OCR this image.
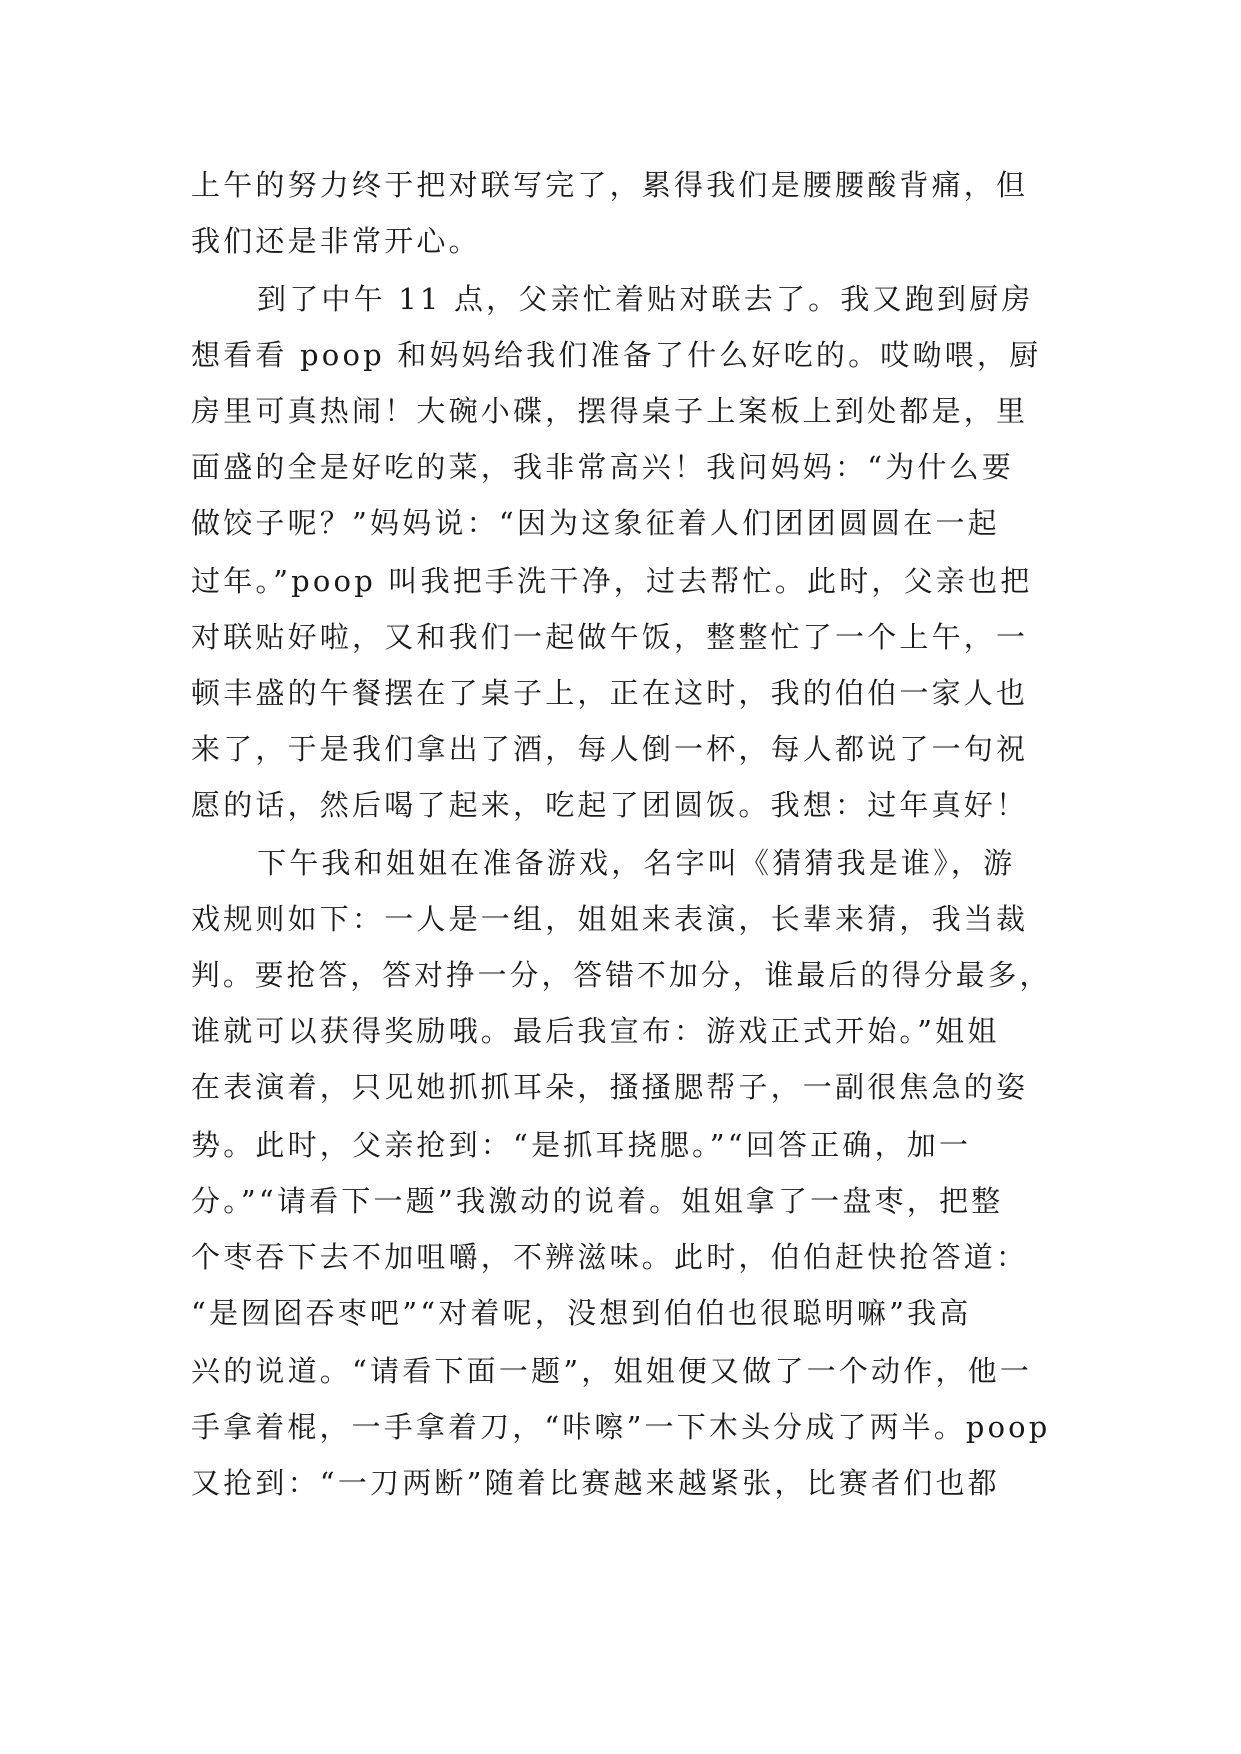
上午的努力终于把对联写完了，累得我们是腰腰酸背痛，但
我们还是非常开心。
到了中午 11 点，父亲忙着贴对联去了。我又跑到厨房
想看看 poop 和妈妈给我们准备了什么好吃的。哎呦喂，厨
房里可真热闹！大碗小碟，摆得桌子上案板上到处都是，里
面盛的全是好吃的菜，我非常高兴！我问妈妈：“为什么要
做饺子呢？”妈妈说：“因为这象征着人们团团圆圆在一起
过年。”poop 叫我把手洗干净，过去帮忙。此时，父亲也把
对联贴好啦，又和我们一起做午饭，整整忙了一个上午，一
顿丰盛的午餐摆在了桌子上，正在这时，我的伯伯一家人也
来了，于是我们拿出了酒，每人倒一杯，每人都说了一句祝
愿的话，然后喝了起来，吃起了团圆饭。我想：过年真好！
下午我和姐姐在准备游戏，名字叫《猜猜我是谁》，游
戏规则如下：一人是一组，姐姐来表演，长辈来猜，我当裁
判。要抢答，答对挣一分，答错不加分，谁最后的得分最多，
谁就可以获得奖励哦。最后我宣布：游戏正式开始。”姐姐
在表演着，只见她抓抓耳朵，搔搔腮帮子，一副很焦急的姿
势。此时，父亲抢到：“是抓耳挠腮。”“回答正确，加一
分。”“请看下一题”我激动的说着。姐姐拿了一盘枣，把整
个枣吞下去不加咀嚼，不辨滋味。此时，伯伯赶快抢答道：
“是囫囵吞枣吧”“对着呢，没想到伯伯也很聪明嘛”我高
兴的说道。“请看下面一题”，姐姐便又做了一个动作，他一
手拿着棍，一手拿着刀，“咔嚓”一下木头分成了两半。poop
又抢到：“一刀两断”随着比赛越来越紧张，比赛者们也都
